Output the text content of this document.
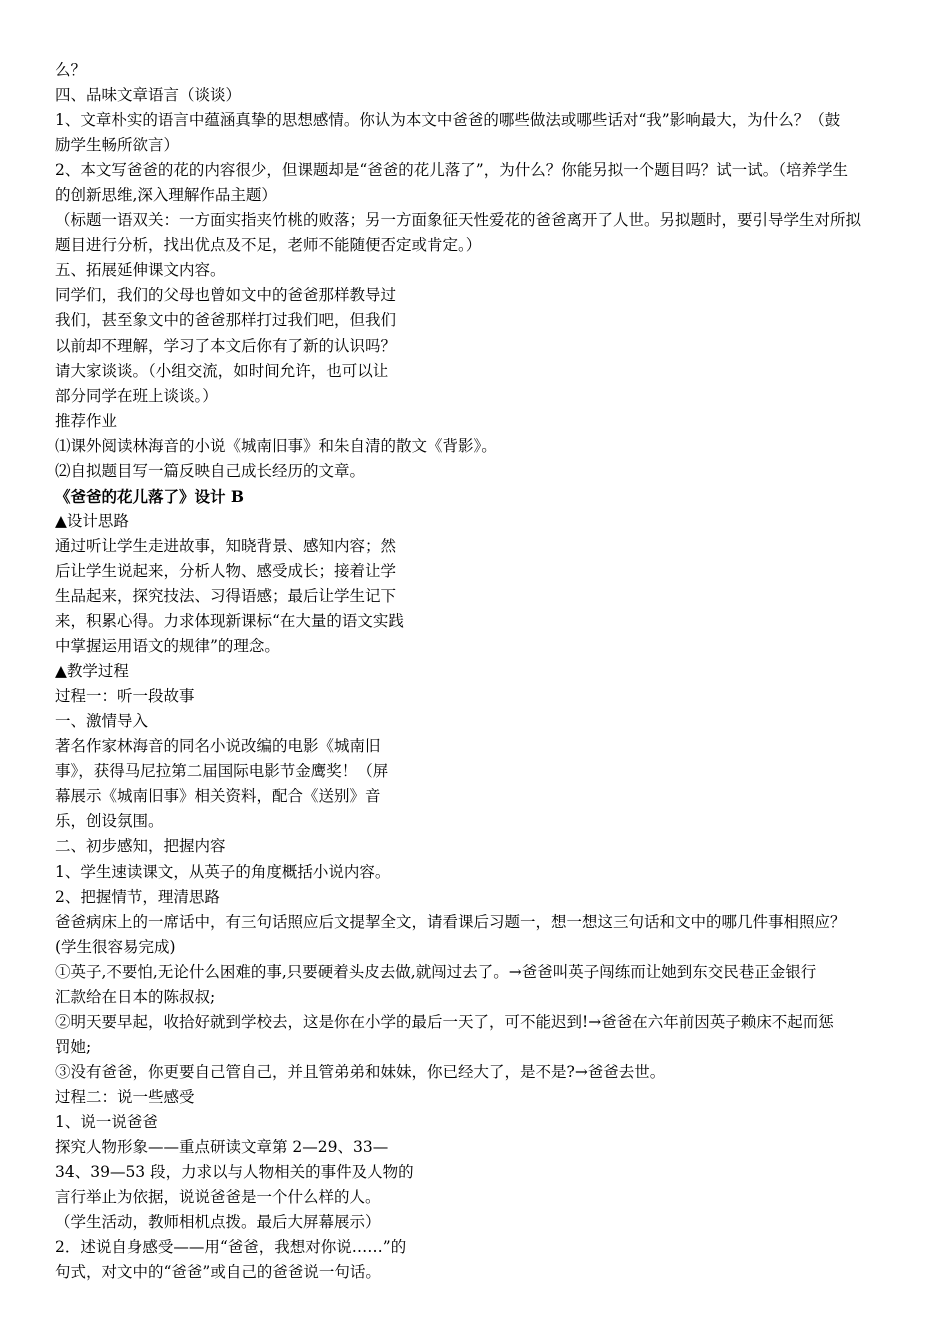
么？

四、品味文章语言（谈谈）

1、文章朴实的语言中蕴涵真挚的思想感情。你认为本文中爸爸的哪些做法或哪些话对“我”影响最大，为什么？（鼓

励学生畅所欲言）

2、本文写爸爸的花的内容很少，但课题却是“爸爸的花儿落了”，为什么？你能另拟一个题目吗？试一试。（培养学生

的创新思维,深入理解作品主题）

（标题一语双关：一方面实指夹竹桃的败落；另一方面象征天性爱花的爸爸离开了人世。另拟题时，要引导学生对所拟

题目进行分析，找出优点及不足，老师不能随便否定或肯定。）

五、拓展延伸课文内容。

同学们，我们的父母也曾如文中的爸爸那样教导过

我们，甚至象文中的爸爸那样打过我们吧，但我们

以前却不理解，学习了本文后你有了新的认识吗？

请大家谈谈。（小组交流，如时间允许，也可以让

部分同学在班上谈谈。）

推荐作业

⑴课外阅读林海音的小说《城南旧事》和朱自清的散文《背影》。

⑵自拟题目写一篇反映自己成长经历的文章。

《爸爸的花儿落了》设计 B

▲设计思路

通过听让学生走进故事，知晓背景、感知内容；然

后让学生说起来，分析人物、感受成长；接着让学

生品起来，探究技法、习得语感；最后让学生记下

来，积累心得。力求体现新课标“在大量的语文实践

中掌握运用语文的规律”的理念。

▲教学过程

过程一：听一段故事

一、激情导入

著名作家林海音的同名小说改编的电影《城南旧

事》，获得马尼拉第二届国际电影节金鹰奖！（屏

幕展示《城南旧事》相关资料，配合《送别》音

乐，创设氛围。

二、初步感知，把握内容

1、学生速读课文，从英子的角度概括小说内容。

2、把握情节，理清思路

爸爸病床上的一席话中，有三句话照应后文提挈全文，请看课后习题一，想一想这三句话和文中的哪几件事相照应？

(学生很容易完成)

①英子,不要怕,无论什么困难的事,只要硬着头皮去做,就闯过去了。→爸爸叫英子闯练而让她到东交民巷正金银行

汇款给在日本的陈叔叔;

②明天要早起，收拾好就到学校去，这是你在小学的最后一天了，可不能迟到!→爸爸在六年前因英子赖床不起而惩

罚她;

③没有爸爸，你更要自己管自己，并且管弟弟和妹妹，你已经大了，是不是?→爸爸去世。

过程二：说一些感受

1、说一说爸爸

探究人物形象——重点研读文章第 2—29、33—

34、39—53 段，力求以与人物相关的事件及人物的

言行举止为依据，说说爸爸是一个什么样的人。

（学生活动，教师相机点拨。最后大屏幕展示）

2．述说自身感受——用“爸爸，我想对你说……”的

句式，对文中的“爸爸”或自己的爸爸说一句话。
